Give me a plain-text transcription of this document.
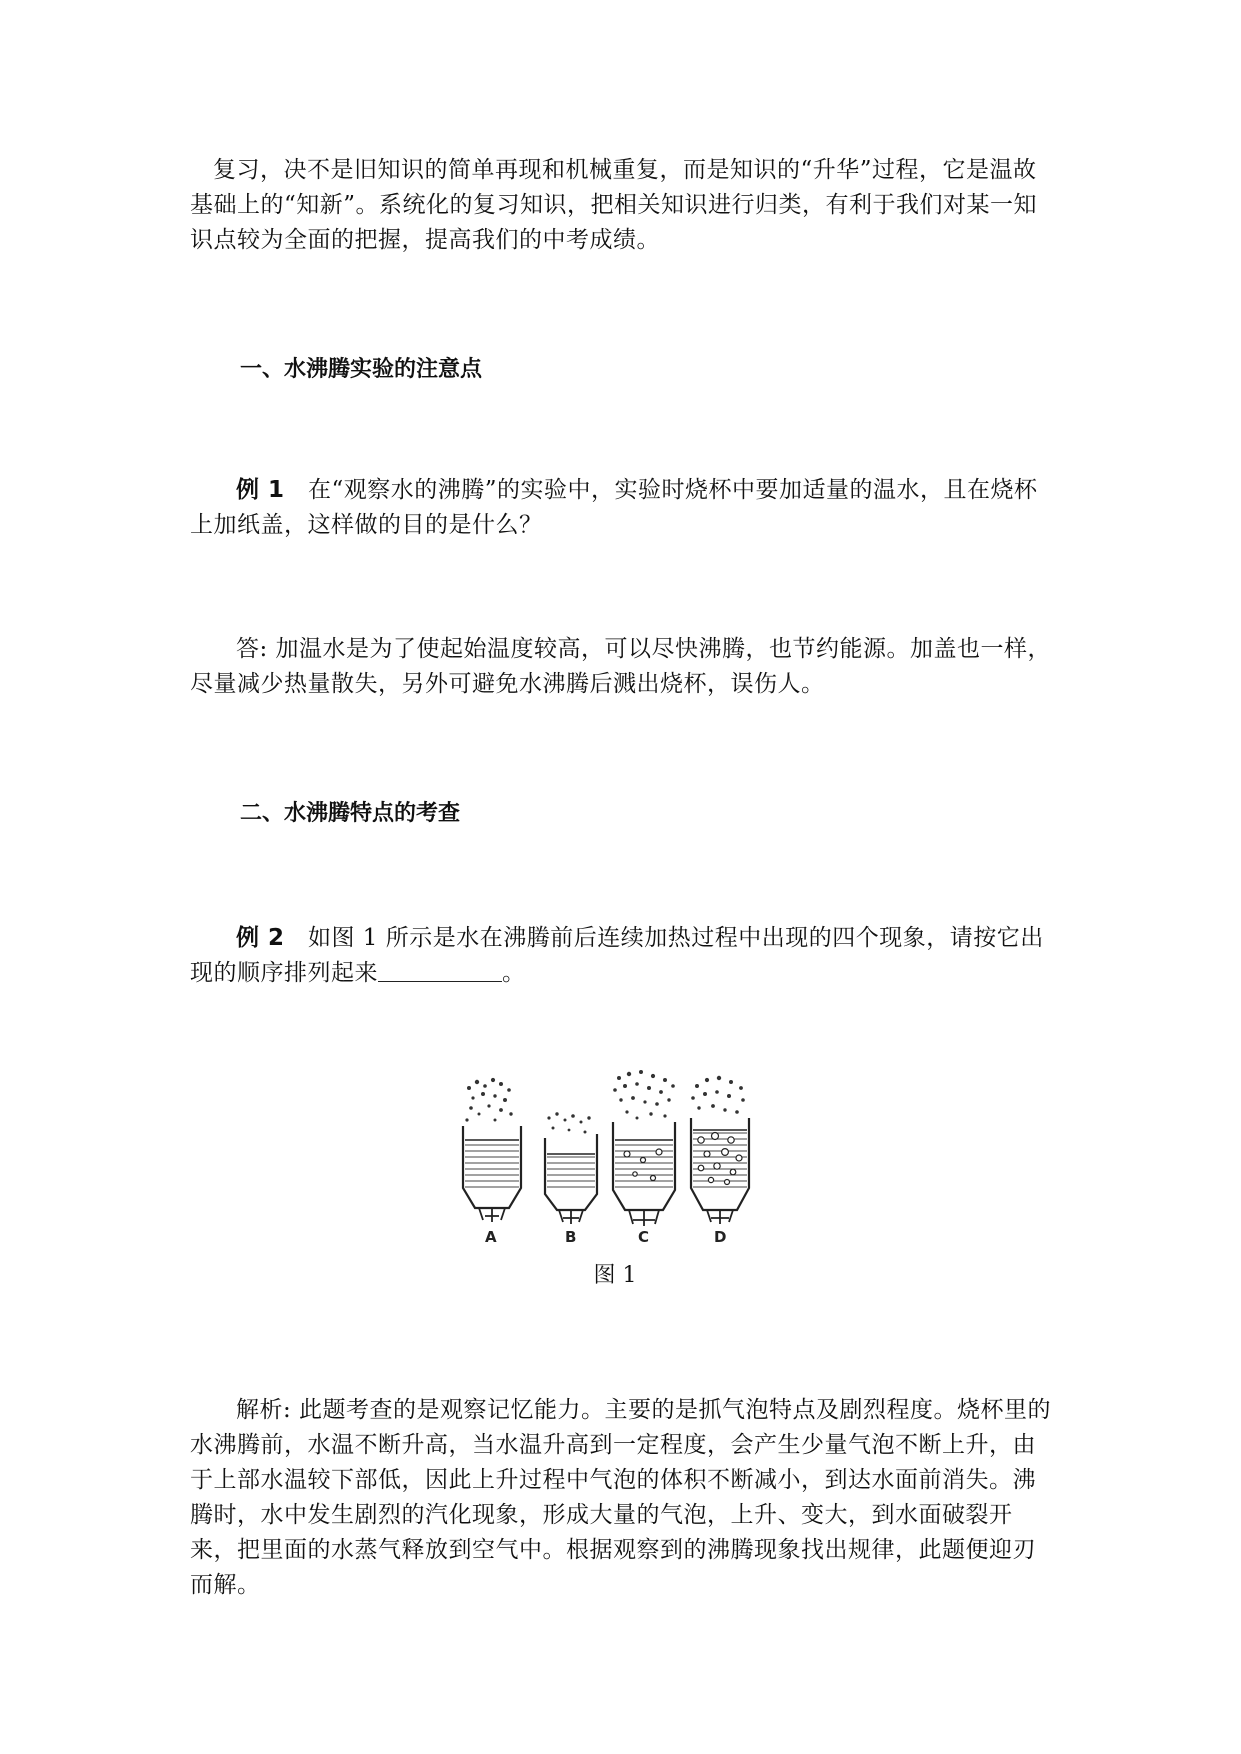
复习，决不是旧知识的简单再现和机械重复，而是知识的“升华”过程，它是温故基础上的“知新”。系统化的复习知识，把相关知识进行归类，有利于我们对某一知识点较为全面的把握，提高我们的中考成绩。

一、水沸腾实验的注意点

例 1 在“观察水的沸腾”的实验中，实验时烧杯中要加适量的温水，且在烧杯上加纸盖，这样做的目的是什么？

答: 加温水是为了使起始温度较高，可以尽快沸腾，也节约能源。加盖也一样，尽量减少热量散失，另外可避免水沸腾后溅出烧杯，误伤人。

二、水沸腾特点的考查

例 2 如图 1 所示是水在沸腾前后连续加热过程中出现的四个现象，请按它出现的顺序排列起来	。

A	B	C	D

图 1

解析: 此题考查的是观察记忆能力。主要的是抓气泡特点及剧烈程度。烧杯里的水沸腾前，水温不断升高，当水温升高到一定程度，会产生少量气泡不断上升，由于上部水温较下部低，因此上升过程中气泡的体积不断减小，到达水面前消失。沸腾时，水中发生剧烈的汽化现象，形成大量的气泡，上升、变大，到水面破裂开来，把里面的水蒸气释放到空气中。根据观察到的沸腾现象找出规律，此题便迎刃而解。
